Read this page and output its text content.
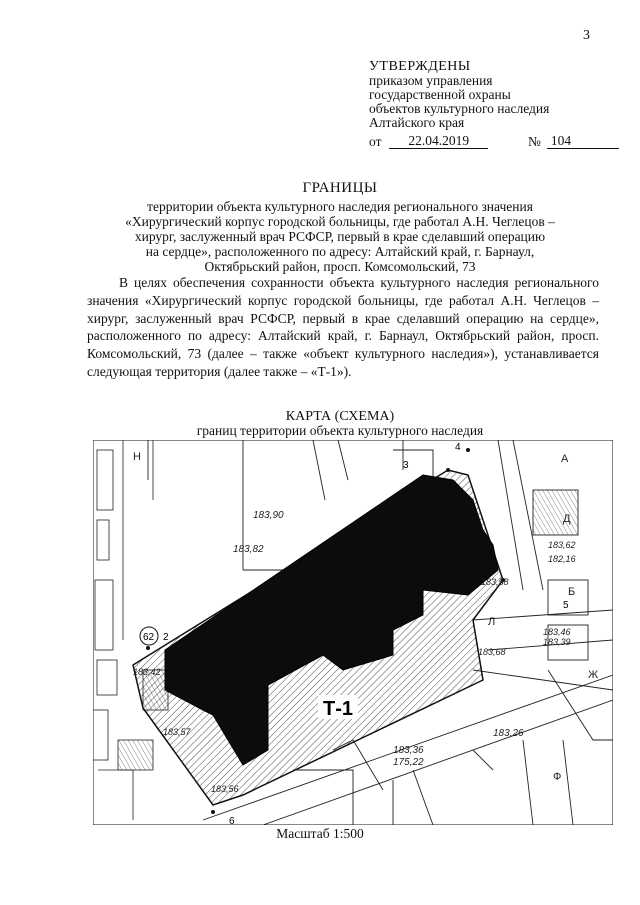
3
УТВЕРЖДЕНЫ
приказом управления
государственной охраны
объектов культурного наследия
Алтайского края
от	22.04.2019	№ 104
ГРАНИЦЫ
территории объекта культурного наследия регионального значения
«Хирургический корпус городской больницы, где работал А.Н. Чеглецов –
хирург, заслуженный врач РСФСР, первый в крае сделавший операцию
на сердце», расположенного по адресу: Алтайский край, г. Барнаул,
Октябрьский район, просп. Комсомольский, 73
В целях обеспечения сохранности объекта культурного наследия регионального значения «Хирургический корпус городской больницы, где работал А.Н. Чеглецов – хирург, заслуженный врач РСФСР, первый в крае сделавший операцию на сердце», расположенного по адресу: Алтайский край, г. Барнаул, Октябрьский район, просп. Комсомольский, 73 (далее – также «объект культурного наследия»), устанавливается следующая территория (далее также – «Т-1»).
КАРТА (СХЕМА)
границ территории объекта культурного наследия
2
3
4
5
6
62
Т-1
183,90
183,82	183,62
182,16
183,46
183,39
183,36
175,22
183,26
183,58
183,57
183,56
183,42
183,68
А
Д
Б
Ж
Н
Л
Ф
Масштаб 1:500
